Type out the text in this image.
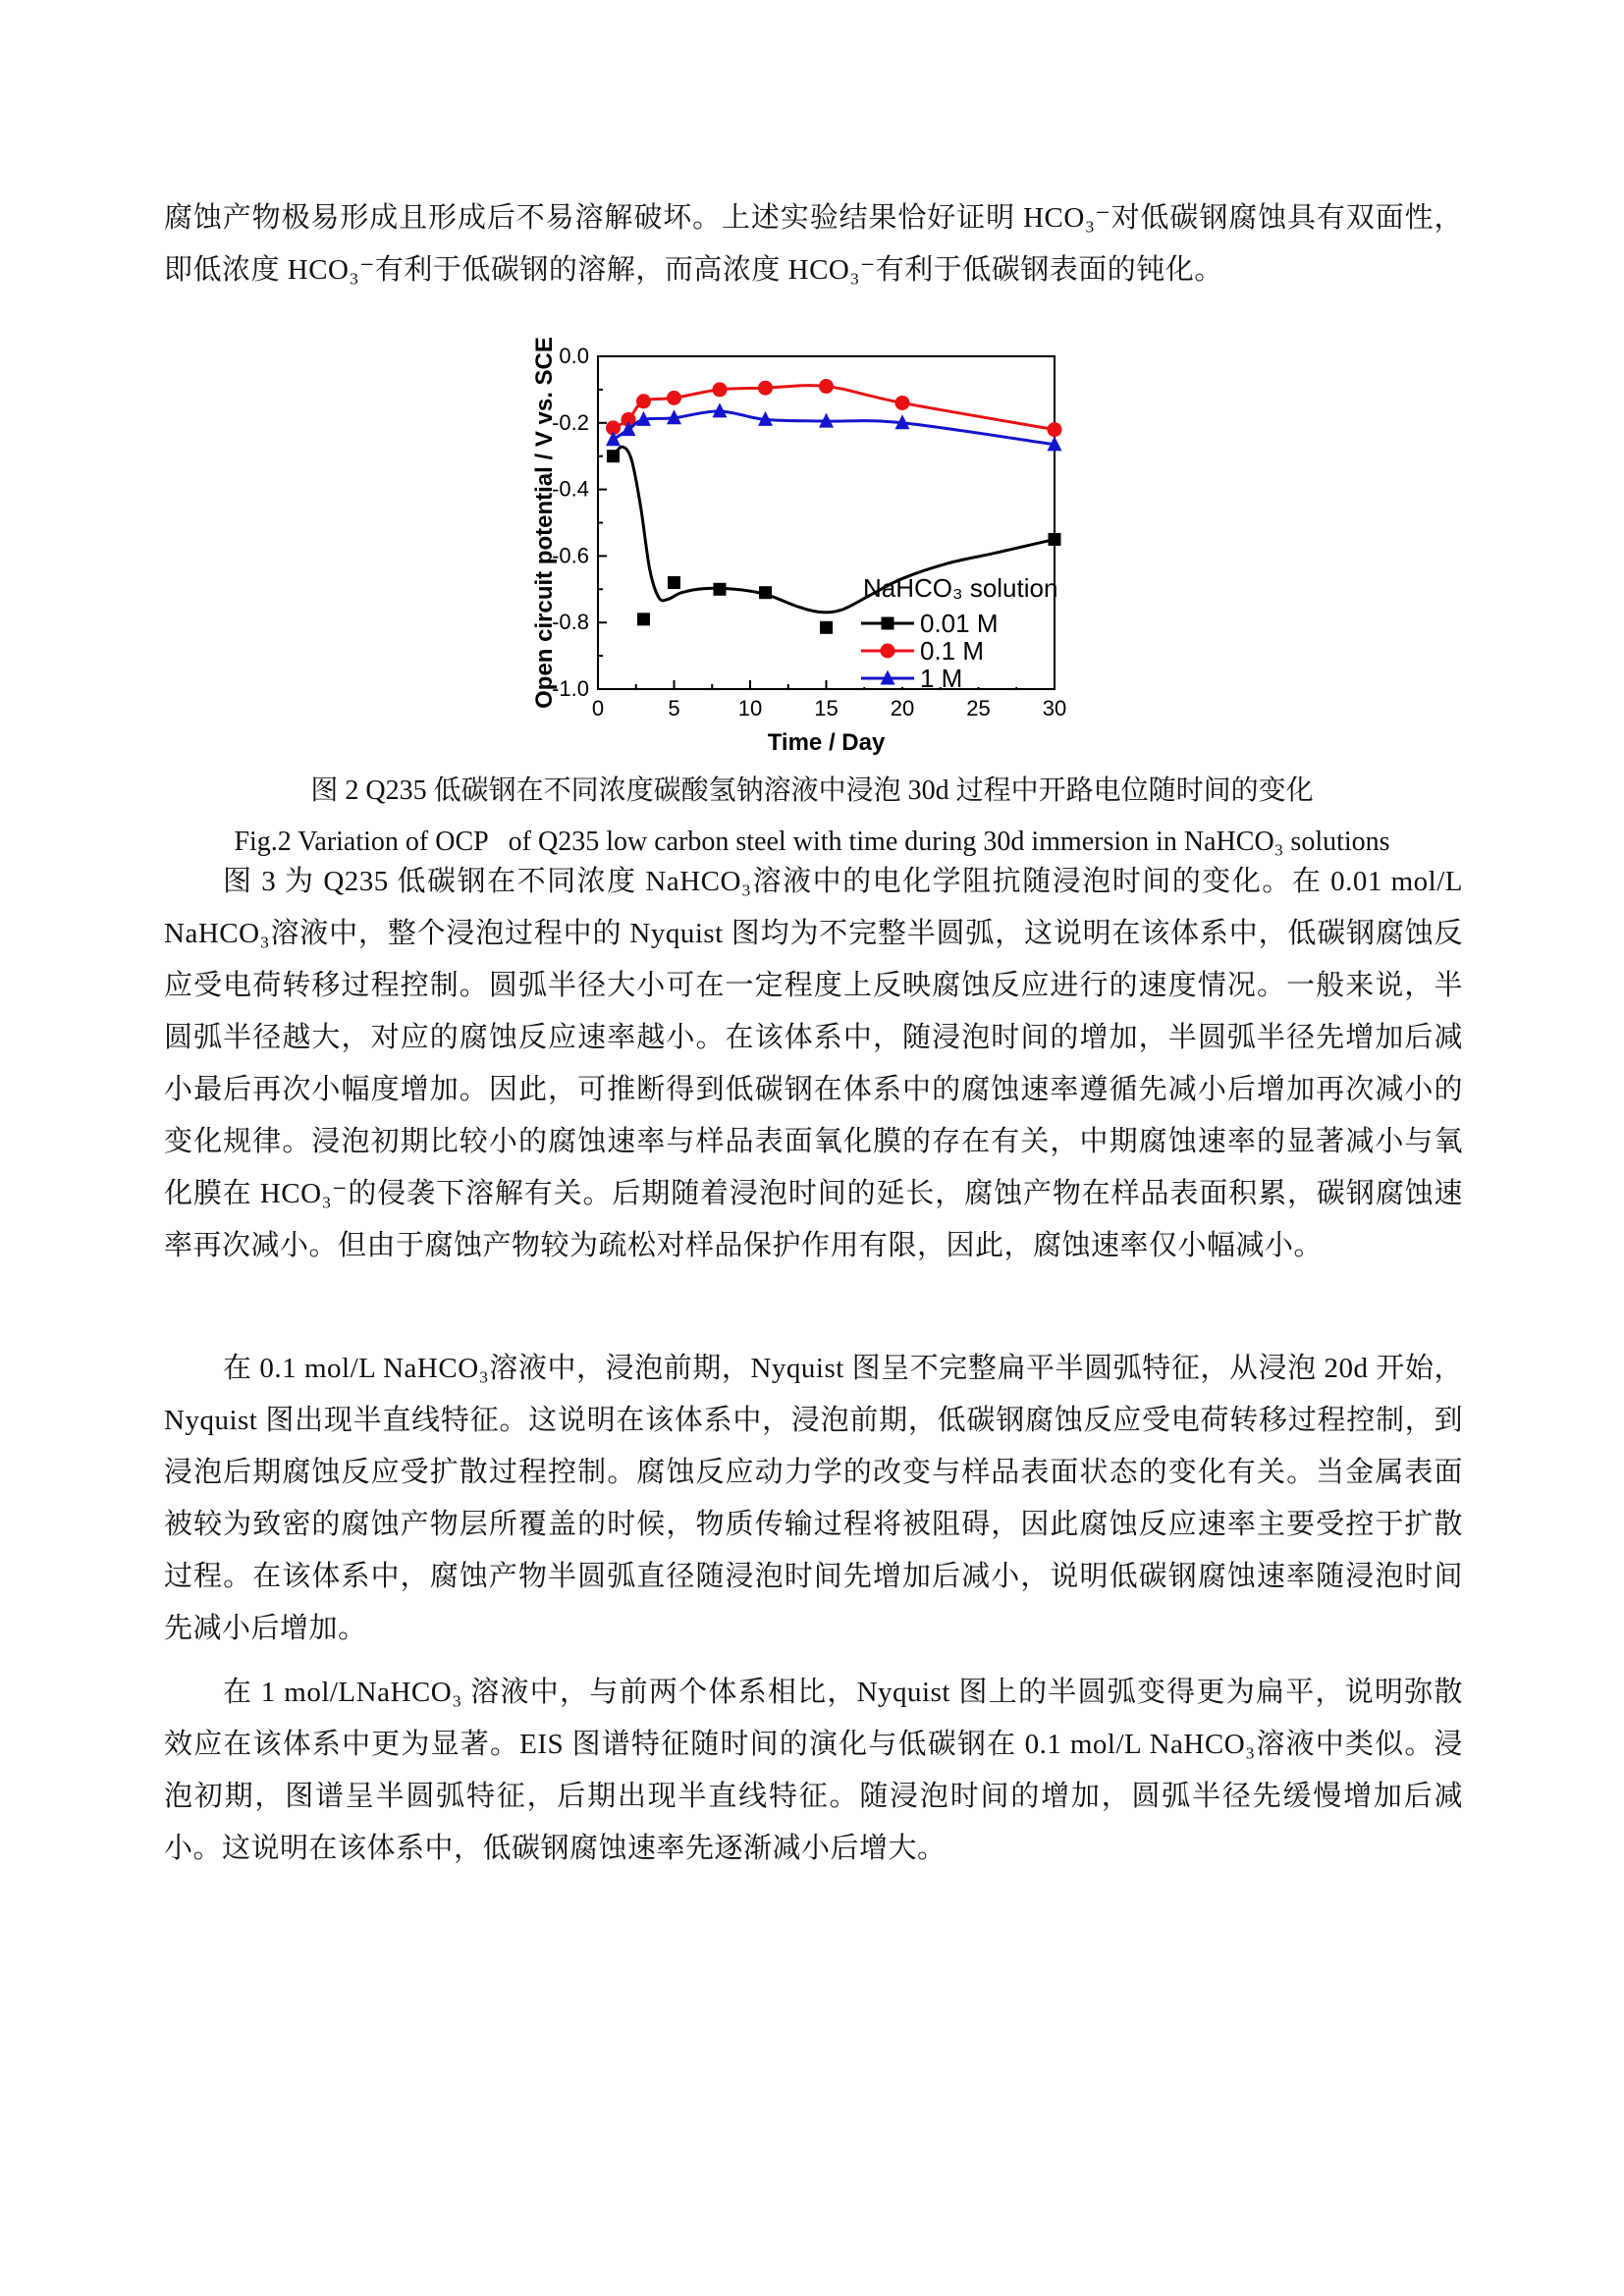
腐蚀产物极易形成且形成后不易溶解破坏。上述实验结果恰好证明 HCO₃⁻对低碳钢腐蚀具有双面性，即低浓度 HCO₃⁻有利于低碳钢的溶解，而高浓度 HCO₃⁻有利于低碳钢表面的钝化。
0	5	10 15 20 25 30
0.0
-0.2
-0.4
-0.6
-0.8
-1.0
Time / Day
Open circuit potential / V vs. SCE	NaHCO₃ solution
0.01 M
0.1 M
1 M
图 2 Q235 低碳钢在不同浓度碳酸氢钠溶液中浸泡 30d 过程中开路电位随时间的变化
Fig.2 Variation of OCP   of Q235 low carbon steel with time during 30d immersion in NaHCO₃ solutions
图 3 为 Q235 低碳钢在不同浓度 NaHCO₃溶液中的电化学阻抗随浸泡时间的变化。在 0.01 mol/L NaHCO₃溶液中，整个浸泡过程中的 Nyquist 图均为不完整半圆弧，这说明在该体系中，低碳钢腐蚀反应受电荷转移过程控制。圆弧半径大小可在一定程度上反映腐蚀反应进行的速度情况。一般来说，半圆弧半径越大，对应的腐蚀反应速率越小。在该体系中，随浸泡时间的增加，半圆弧半径先增加后减小最后再次小幅度增加。因此，可推断得到低碳钢在体系中的腐蚀速率遵循先减小后增加再次减小的变化规律。浸泡初期比较小的腐蚀速率与样品表面氧化膜的存在有关，中期腐蚀速率的显著减小与氧化膜在 HCO₃⁻的侵袭下溶解有关。后期随着浸泡时间的延长，腐蚀产物在样品表面积累，碳钢腐蚀速率再次减小。但由于腐蚀产物较为疏松对样品保护作用有限，因此，腐蚀速率仅小幅减小。
在 0.1 mol/L NaHCO₃溶液中，浸泡前期，Nyquist 图呈不完整扁平半圆弧特征，从浸泡 20d 开始，Nyquist 图出现半直线特征。这说明在该体系中，浸泡前期，低碳钢腐蚀反应受电荷转移过程控制，到浸泡后期腐蚀反应受扩散过程控制。腐蚀反应动力学的改变与样品表面状态的变化有关。当金属表面被较为致密的腐蚀产物层所覆盖的时候，物质传输过程将被阻碍，因此腐蚀反应速率主要受控于扩散过程。在该体系中，腐蚀产物半圆弧直径随浸泡时间先增加后减小，说明低碳钢腐蚀速率随浸泡时间先减小后增加。
在 1 mol/LNaHCO₃ 溶液中，与前两个体系相比，Nyquist 图上的半圆弧变得更为扁平，说明弥散效应在该体系中更为显著。EIS 图谱特征随时间的演化与低碳钢在 0.1 mol/L NaHCO₃溶液中类似。浸泡初期，图谱呈半圆弧特征，后期出现半直线特征。随浸泡时间的增加，圆弧半径先缓慢增加后减小。这说明在该体系中，低碳钢腐蚀速率先逐渐减小后增大。
